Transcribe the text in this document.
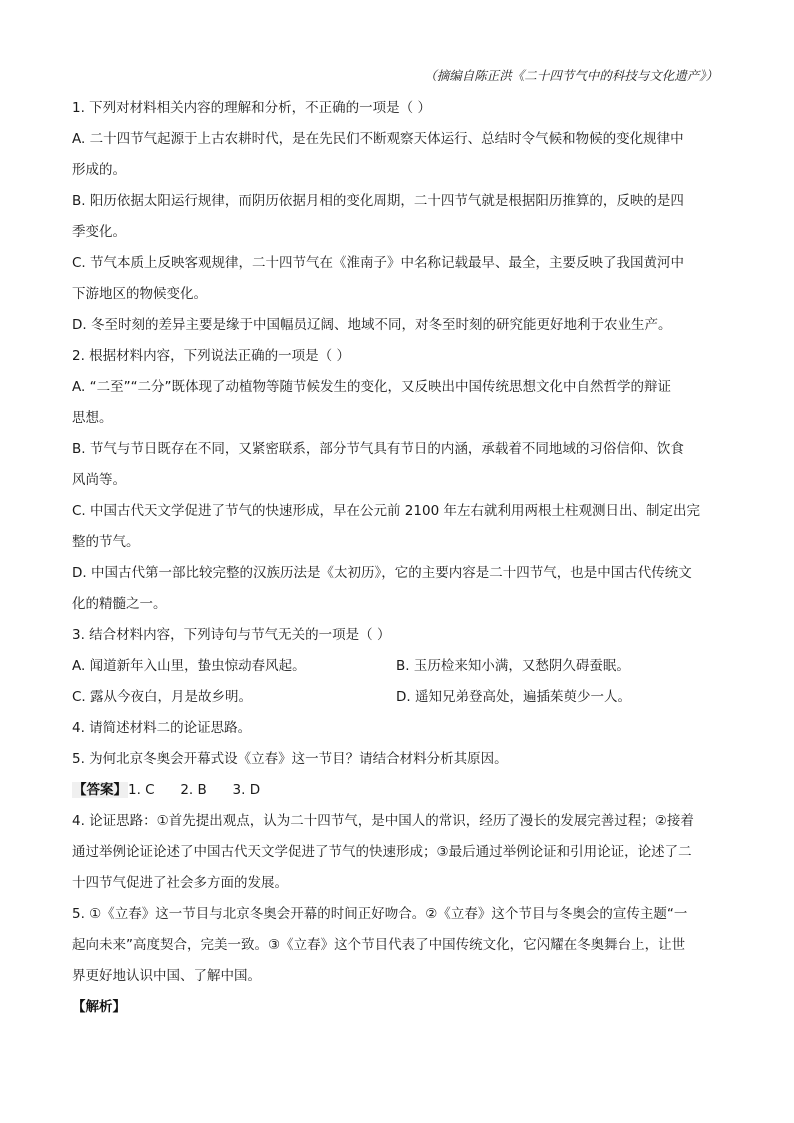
（摘编自陈正洪《二十四节气中的科技与文化遗产》）
1. 下列对材料相关内容的理解和分析，不正确的一项是（ ）
A. 二十四节气起源于上古农耕时代，是在先民们不断观察天体运行、总结时令气候和物候的变化规律中
形成的。
B. 阳历依据太阳运行规律，而阴历依据月相的变化周期，二十四节气就是根据阳历推算的，反映的是四
季变化。
C. 节气本质上反映客观规律，二十四节气在《淮南子》中名称记载最早、最全，主要反映了我国黄河中
下游地区的物候变化。
D. 冬至时刻的差异主要是缘于中国幅员辽阔、地域不同，对冬至时刻的研究能更好地利于农业生产。
2. 根据材料内容，下列说法正确的一项是（ ）
A. “二至”“二分”既体现了动植物等随节候发生的变化，又反映出中国传统思想文化中自然哲学的辩证
思想。
B. 节气与节日既存在不同，又紧密联系，部分节气具有节日的内涵，承载着不同地域的习俗信仰、饮食
风尚等。
C. 中国古代天文学促进了节气的快速形成，早在公元前 2100 年左右就利用两根土柱观测日出、制定出完
整的节气。
D. 中国古代第一部比较完整的汉族历法是《太初历》，它的主要内容是二十四节气，也是中国古代传统文
化的精髓之一。
3. 结合材料内容，下列诗句与节气无关的一项是（ ）
A. 闻道新年入山里，蛰虫惊动春风起。	B. 玉历检来知小满，又愁阴久碍蚕眠。
C. 露从今夜白，月是故乡明。	D. 遥知兄弟登高处，遍插茱萸少一人。
4. 请简述材料二的论证思路。
5. 为何北京冬奥会开幕式设《立春》这一节目？请结合材料分析其原因。
【答案】1. C      2. B      3. D
4. 论证思路：①首先提出观点，认为二十四节气，是中国人的常识，经历了漫长的发展完善过程；②接着
通过举例论证论述了中国古代天文学促进了节气的快速形成；③最后通过举例论证和引用论证，论述了二
十四节气促进了社会多方面的发展。
5. ①《立春》这一节目与北京冬奥会开幕的时间正好吻合。②《立春》这个节目与冬奥会的宣传主题“一
起向未来”高度契合，完美一致。③《立春》这个节目代表了中国传统文化，它闪耀在冬奥舞台上，让世
界更好地认识中国、了解中国。
【解析】
